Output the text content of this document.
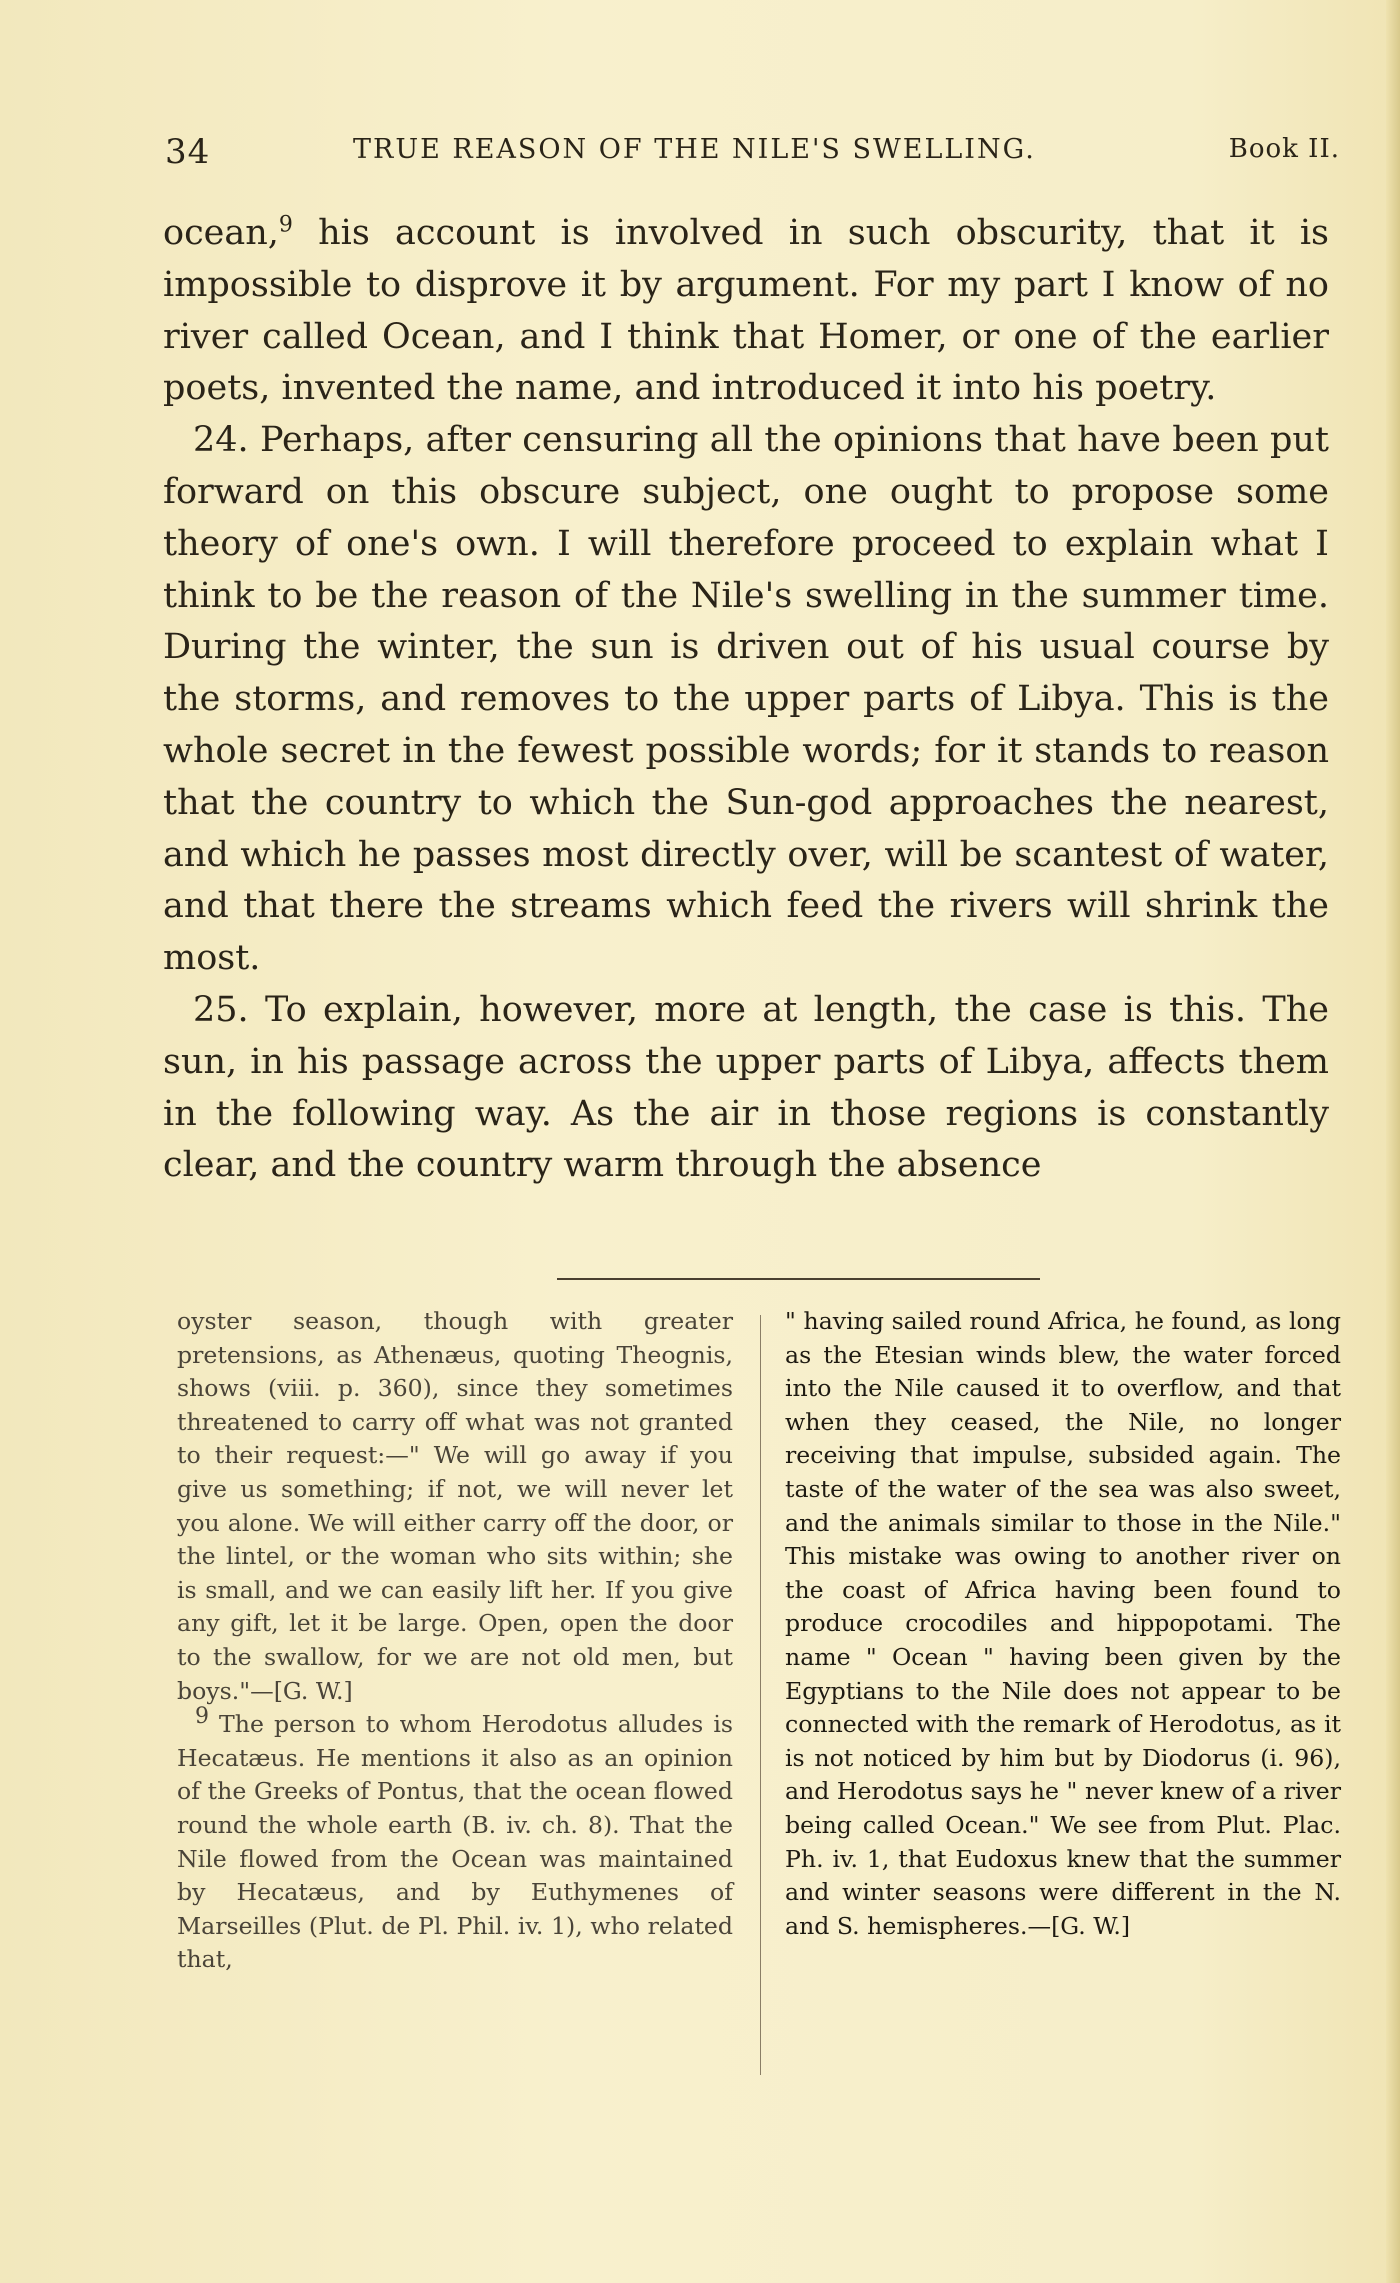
34	TRUE REASON OF THE NILE'S SWELLING.	Book II.

ocean,$^9$ his account is involved in such obscurity, that it is impossible to disprove it by argument. For my part I know of no river called Ocean, and I think that Homer, or one of the earlier poets, invented the name, and introduced it into his poetry.

24. Perhaps, after censuring all the opinions that have been put forward on this obscure subject, one ought to propose some theory of one's own. I will therefore proceed to explain what I think to be the reason of the Nile's swelling in the summer time. During the winter, the sun is driven out of his usual course by the storms, and removes to the upper parts of Libya. This is the whole secret in the fewest possible words; for it stands to reason that the country to which the Sun-god approaches the nearest, and which he passes most directly over, will be scantest of water, and that there the streams which feed the rivers will shrink the most.

25. To explain, however, more at length, the case is this. The sun, in his passage across the upper parts of Libya, affects them in the following way. As the air in those regions is constantly clear, and the country warm through the absence

oyster season, though with greater pretensions, as Athenæus, quoting Theognis, shows (viii. p. 360), since they sometimes threatened to carry off what was not granted to their request:—" We will go away if you give us something; if not, we will never let you alone. We will either carry off the door, or the lintel, or the woman who sits within; she is small, and we can easily lift her. If you give any gift, let it be large. Open, open the door to the swallow, for we are not old men, but boys."—[G. W.]

$^9$ The person to whom Herodotus alludes is Hecatæus. He mentions it also as an opinion of the Greeks of Pontus, that the ocean flowed round the whole earth (B. iv. ch. 8). That the Nile flowed from the Ocean was maintained by Hecatæus, and by Euthymenes of Marseilles (Plut. de Pl. Phil. iv. 1), who related that,

" having sailed round Africa, he found, as long as the Etesian winds blew, the water forced into the Nile caused it to overflow, and that when they ceased, the Nile, no longer receiving that impulse, subsided again. The taste of the water of the sea was also sweet, and the animals similar to those in the Nile." This mistake was owing to another river on the coast of Africa having been found to produce crocodiles and hippopotami. The name " Ocean " having been given by the Egyptians to the Nile does not appear to be connected with the remark of Herodotus, as it is not noticed by him but by Diodorus (i. 96), and Herodotus says he " never knew of a river being called Ocean." We see from Plut. Plac. Ph. iv. 1, that Eudoxus knew that the summer and winter seasons were different in the N. and S. hemispheres.—[G. W.]
